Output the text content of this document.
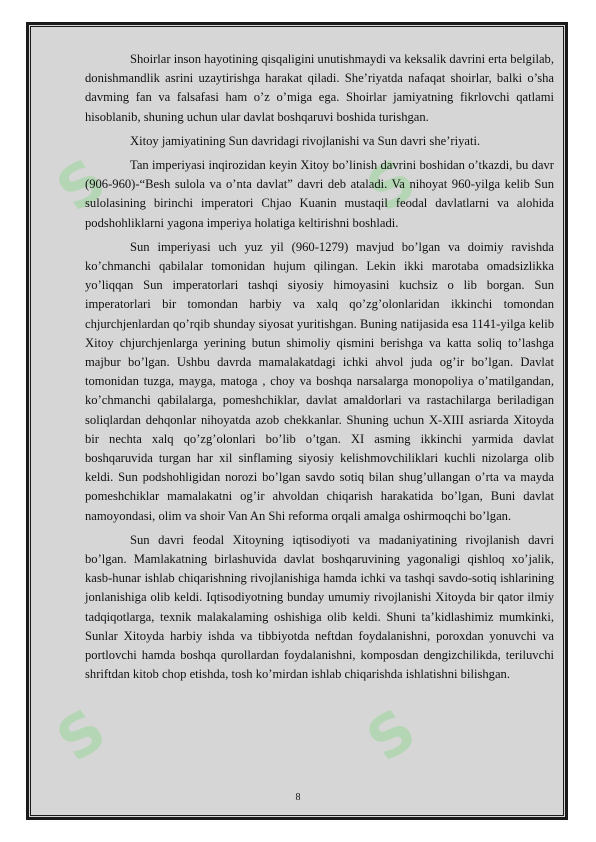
S	S
S	S

Shoirlar inson hayotining qisqaligini unutishmaydi va keksalik davrini erta belgilab, donishmandlik asrini uzaytirishga harakat qiladi. She’riyatda nafaqat shoirlar, balki o’sha davming fan va falsafasi ham o’z o’miga ega. Shoirlar jamiyatning fikrlovchi qatlami hisoblanib, shuning uchun ular davlat boshqaruvi boshida turishgan.

Xitoy jamiyatining Sun davridagi rivojlanishi va Sun davri she’riyati.

Tan imperiyasi inqirozidan keyin Xitoy bo’linish davrini boshidan o’tkazdi, bu davr (906-960)-“Besh sulola va o’nta davlat” davri deb ataladi. Va nihoyat 960-yilga kelib Sun sulolasining birinchi imperatori Chjao Kuanin mustaqil feodal davlatlarni va alohida podshohliklarni yagona imperiya holatiga keltirishni boshladi.

Sun imperiyasi uch yuz yil (960-1279) mavjud bo’lgan va doimiy ravishda ko’chmanchi qabilalar tomonidan hujum qilingan. Lekin ikki marotaba omadsizlikka yo’liqqan Sun imperatorlari tashqi siyosiy himoyasini kuchsiz o lib borgan. Sun imperatorlari bir tomondan harbiy va xalq qo’zg’olonlaridan ikkinchi tomondan chjurchjenlardan qo’rqib shunday siyosat yuritishgan. Buning natijasida esa 1141-yilga kelib Xitoy chjurchjenlarga yerining butun shimoliy qismini berishga va katta soliq to’lashga majbur bo’lgan. Ushbu davrda mamalakatdagi ichki ahvol juda og’ir bo’lgan. Davlat tomonidan tuzga, mayga, matoga , choy va boshqa narsalarga monopoliya o’matilgandan, ko’chmanchi qabilalarga, pomeshchiklar, davlat amaldorlari va rastachilarga beriladigan soliqlardan dehqonlar nihoyatda azob chekkanlar. Shuning uchun X-XIII asriarda Xitoyda bir nechta xalq qo’zg’olonlari bo’lib o’tgan. XI asming ikkinchi yarmida davlat boshqaruvida turgan har xil sinflaming siyosiy kelishmovchiliklari kuchli nizolarga olib keldi. Sun podshohligidan norozi bo’lgan savdo sotiq bilan shug’ullangan o’rta va mayda pomeshchiklar mamalakatni og’ir ahvoldan chiqarish harakatida bo’lgan, Buni davlat namoyondasi, olim va shoir Van An Shi reforma orqali amalga oshirmoqchi bo’lgan.

Sun davri feodal Xitoyning iqtisodiyoti va madaniyatining rivojlanish davri bo’lgan. Mamlakatning birlashuvida davlat boshqaruvining yagonaligi qishloq xo’jalik, kasb-hunar ishlab chiqarishning rivojlanishiga hamda ichki va tashqi savdo-sotiq ishlarining jonlanishiga olib keldi. Iqtisodiyotning bunday umumiy rivojlanishi Xitoyda bir qator ilmiy tadqiqotlarga, texnik malakalaming oshishiga olib keldi. Shuni ta’kidlashimiz mumkinki, Sunlar Xitoyda harbiy ishda va tibbiyotda neftdan foydalanishni, poroxdan yonuvchi va portlovchi hamda boshqa qurollardan foydalanishni, komposdan dengizchilikda, teriluvchi shriftdan kitob chop etishda, tosh ko’mirdan ishlab chiqarishda ishlatishni bilishgan.

8
